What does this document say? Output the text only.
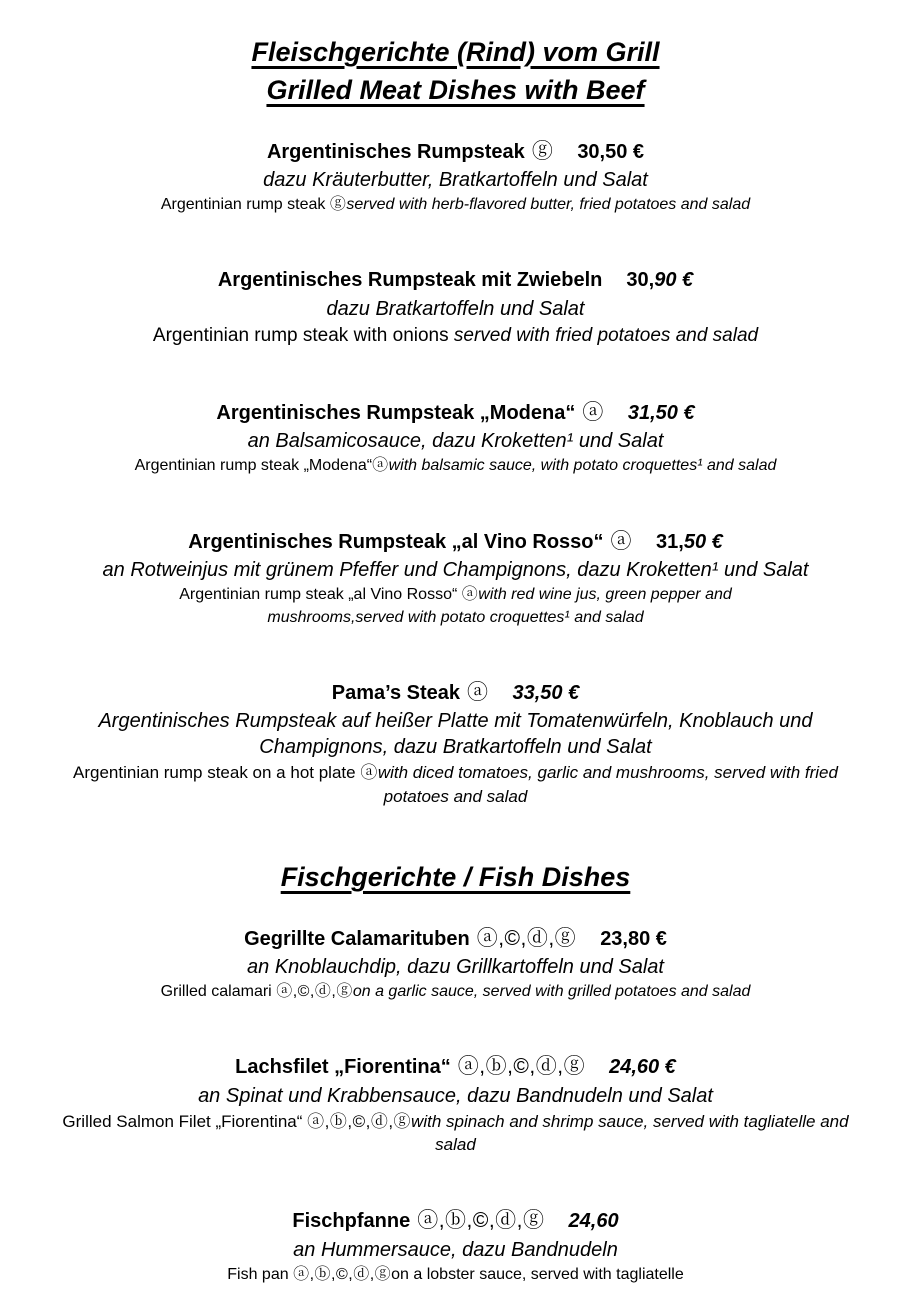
Fleischgerichte (Rind) vom Grill
Grilled Meat Dishes with Beef
Argentinisches Rumpsteak ⓖ 30,50 €
dazu Kräuterbutter, Bratkartoffeln und Salat
Argentinian rump steak ⓖserved with herb-flavored butter, fried potatoes and salad
Argentinisches Rumpsteak mit Zwiebeln 30,90 €
dazu Bratkartoffeln und Salat
Argentinian rump steak with onions served with fried potatoes and salad
Argentinisches Rumpsteak „Modena“ ⓐ 31,50 €
an Balsamicosauce, dazu Kroketten¹ und Salat
Argentinian rump steak „Modena“ⓐwith balsamic sauce, with potato croquettes¹ and salad
Argentinisches Rumpsteak „al Vino Rosso“ ⓐ 31,50 €
an Rotweinjus mit grünem Pfeffer und Champignons, dazu Kroketten¹ und Salat
Argentinian rump steak „al Vino Rosso“ ⓐwith red wine jus, green pepper and mushrooms,served with potato croquettes¹ and salad
Pama’s Steak ⓐ 33,50 €
Argentinisches Rumpsteak auf heißer Platte mit Tomatenwürfeln, Knoblauch und Champignons, dazu Bratkartoffeln und Salat
Argentinian rump steak on a hot plate ⓐwith diced tomatoes, garlic and mushrooms, served with fried potatoes and salad
Fischgerichte / Fish Dishes
Gegrillte Calamarituben ⓐ,©,ⓓ,ⓖ 23,80 €
an Knoblauchdip, dazu Grillkartoffeln und Salat
Grilled calamari ⓐ,©,ⓓ,ⓖon a garlic sauce, served with grilled potatoes and salad
Lachsfilet „Fiorentina“ ⓐ,ⓑ,©,ⓓ,ⓖ 24,60 €
an Spinat und Krabbensauce, dazu Bandnudeln und Salat
Grilled Salmon Filet „Fiorentina“ ⓐ,ⓑ,©,ⓓ,ⓖwith spinach and shrimp sauce, served with tagliatelle and salad
Fischpfanne ⓐ,ⓑ,©,ⓓ,ⓖ 24,60
an Hummersauce, dazu Bandnudeln
Fish pan ⓐ,ⓑ,©,ⓓ,ⓖon a lobster sauce, served with tagliatelle
